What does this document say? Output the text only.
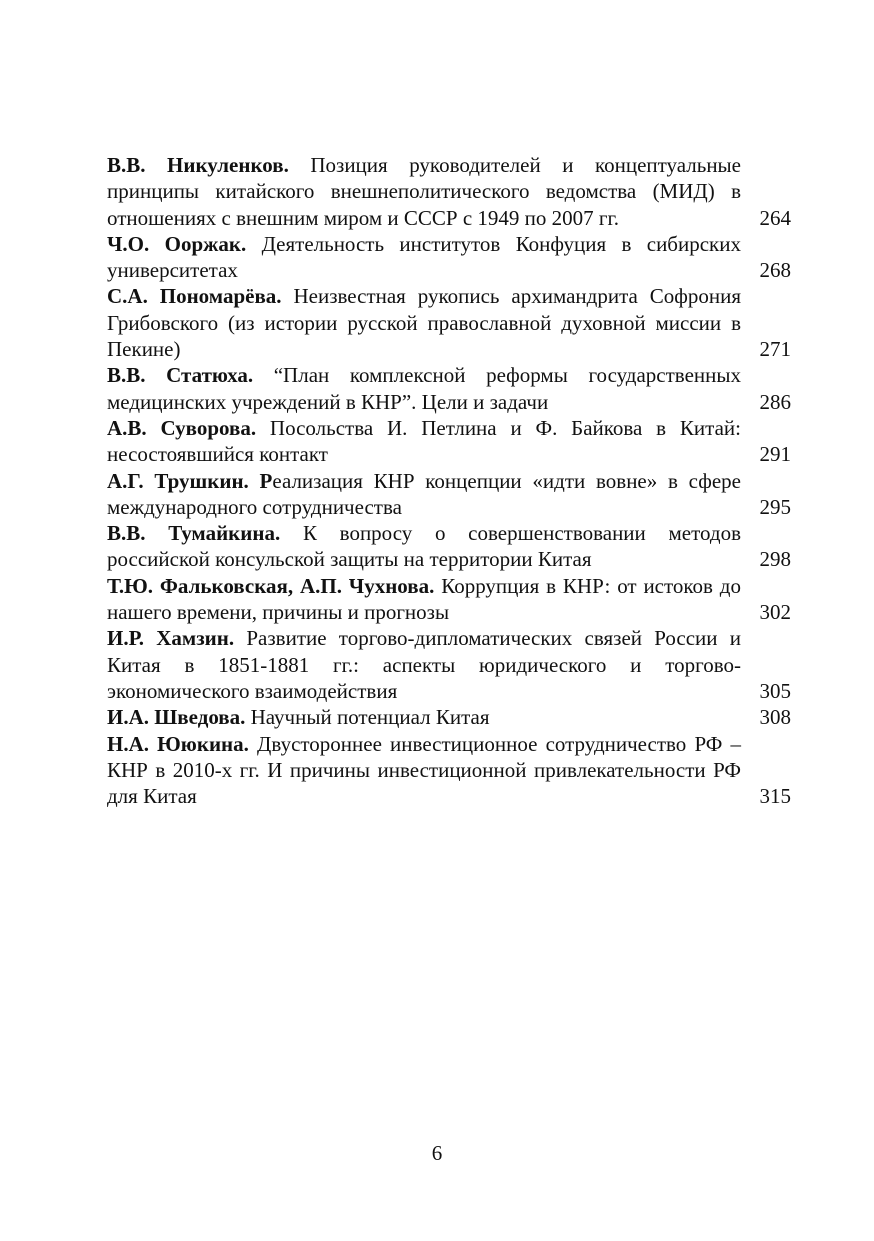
В.В. Никуленков. Позиция руководителей и концептуальные принципы китайского внешнеполитического ведомства (МИД) в отношениях с внешним миром и СССР с 1949 по 2007 гг.	264
Ч.О. Ооржак. Деятельность институтов Конфуция в сибирских университетах	268
С.А. Пономарёва. Неизвестная рукопись архимандрита Софрония Грибовского (из истории русской православной духовной миссии в Пекине)	271
В.В. Статюха. “План комплексной реформы государственных медицинских учреждений в КНР”. Цели и задачи	286
А.В. Суворова. Посольства И. Петлина и Ф. Байкова в Китай: несостоявшийся контакт	291
А.Г. Трушкин. Реализация КНР концепции «идти вовне» в сфере международного сотрудничества	295
В.В. Тумайкина. К вопросу о совершенствовании методов российской консульской защиты на территории Китая	298
Т.Ю. Фальковская, А.П. Чухнова. Коррупция в КНР: от истоков до нашего времени, причины и прогнозы	302
И.Р. Хамзин. Развитие торгово-дипломатических связей России и Китая в 1851-1881 гг.: аспекты юридического и торгово-экономического взаимодействия	305
И.А. Шведова. Научный потенциал Китая	308
Н.А. Ююкина. Двустороннее инвестиционное сотрудничество РФ – КНР в 2010-х гг. И причины инвестиционной привлекательности РФ для Китая	315
6
